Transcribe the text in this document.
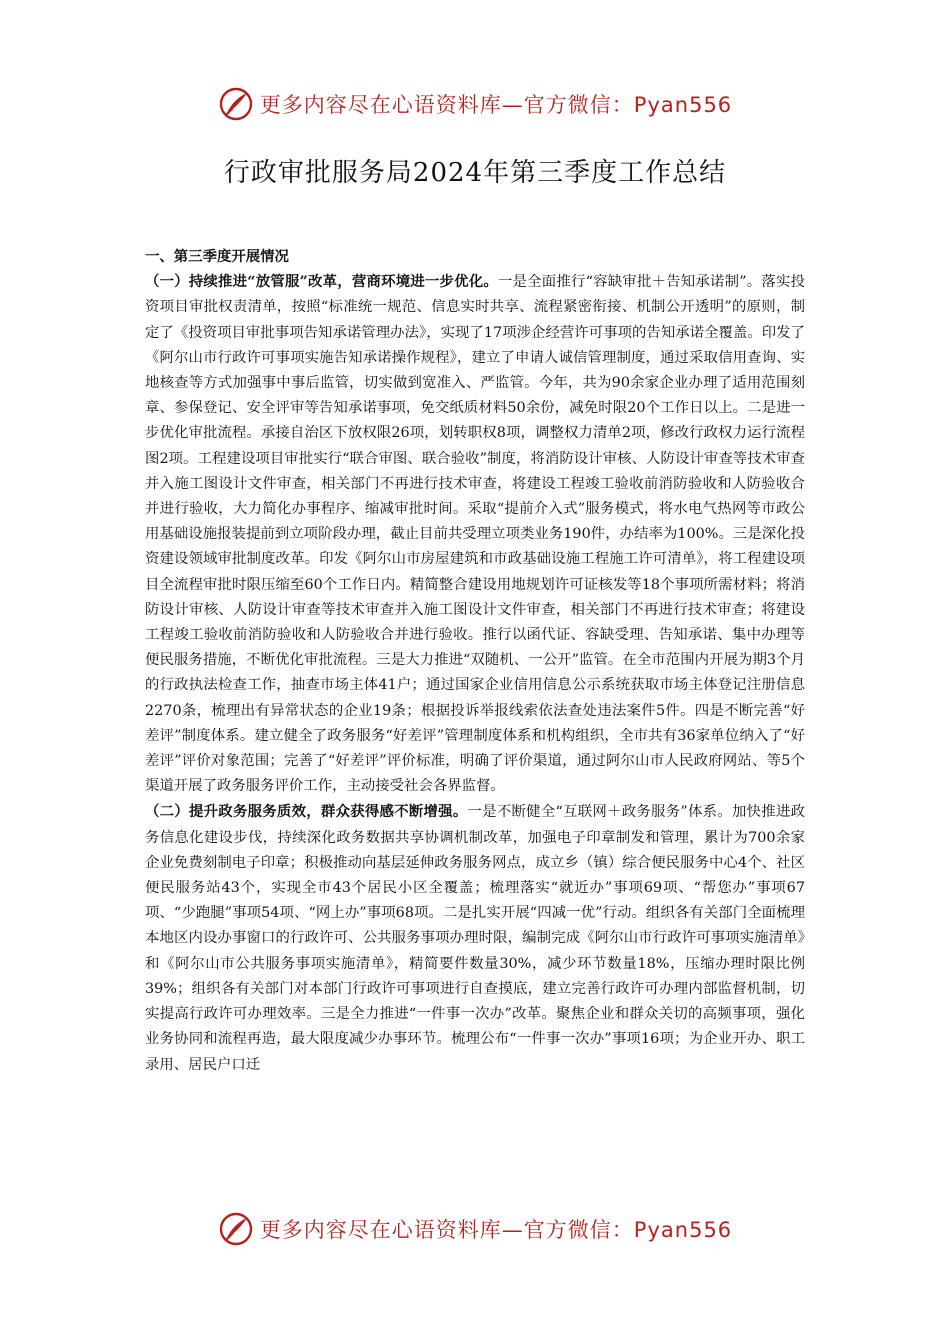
更多内容尽在心语资料库—官方微信：Pyan556
行政审批服务局2024年第三季度工作总结

一、第三季度开展情况

（一）持续推进“放管服”改革，营商环境进一步优化。一是全面推行“容缺审批＋告知承诺制”。落实投资项目审批权责清单，按照“标准统一规范、信息实时共享、流程紧密衔接、机制公开透明”的原则，制定了《投资项目审批事项告知承诺管理办法》，实现了17项涉企经营许可事项的告知承诺全覆盖。印发了《阿尔山市行政许可事项实施告知承诺操作规程》，建立了申请人诚信管理制度，通过采取信用查询、实地核查等方式加强事中事后监管，切实做到宽准入、严监管。今年，共为90余家企业办理了适用范围刻章、参保登记、安全评审等告知承诺事项，免交纸质材料50余份，减免时限20个工作日以上。二是进一步优化审批流程。承接自治区下放权限26项，划转职权8项，调整权力清单2项，修改行政权力运行流程图2项。工程建设项目审批实行“联合审图、联合验收”制度，将消防设计审核、人防设计审查等技术审查并入施工图设计文件审查，相关部门不再进行技术审查，将建设工程竣工验收前消防验收和人防验收合并进行验收，大力简化办事程序、缩减审批时间。采取“提前介入式”服务模式，将水电气热网等市政公用基础设施报装提前到立项阶段办理，截止目前共受理立项类业务190件，办结率为100%。三是深化投资建设领域审批制度改革。印发《阿尔山市房屋建筑和市政基础设施工程施工许可清单》，将工程建设项目全流程审批时限压缩至60个工作日内。精简整合建设用地规划许可证核发等18个事项所需材料；将消防设计审核、人防设计审查等技术审查并入施工图设计文件审查，相关部门不再进行技术审查；将建设工程竣工验收前消防验收和人防验收合并进行验收。推行以函代证、容缺受理、告知承诺、集中办理等便民服务措施，不断优化审批流程。三是大力推进“双随机、一公开”监管。在全市范围内开展为期3个月的行政执法检查工作，抽查市场主体41户；通过国家企业信用信息公示系统获取市场主体登记注册信息2270条，梳理出有异常状态的企业19条；根据投诉举报线索依法查处违法案件5件。四是不断完善“好差评”制度体系。建立健全了政务服务“好差评”管理制度体系和机构组织，全市共有36家单位纳入了“好差评”评价对象范围；完善了“好差评”评价标准，明确了评价渠道，通过阿尔山市人民政府网站、等5个渠道开展了政务服务评价工作，主动接受社会各界监督。

（二）提升政务服务质效，群众获得感不断增强。一是不断健全“互联网＋政务服务”体系。加快推进政务信息化建设步伐，持续深化政务数据共享协调机制改革，加强电子印章制发和管理，累计为700余家企业免费刻制电子印章；积极推动向基层延伸政务服务网点，成立乡（镇）综合便民服务中心4个、社区便民服务站43个，实现全市43个居民小区全覆盖；梳理落实“就近办”事项69项、“帮您办”事项67项、“少跑腿”事项54项、“网上办”事项68项。二是扎实开展“四减一优”行动。组织各有关部门全面梳理本地区内设办事窗口的行政许可、公共服务事项办理时限，编制完成《阿尔山市行政许可事项实施清单》和《阿尔山市公共服务事项实施清单》，精简要件数量30%，减少环节数量18%，压缩办理时限比例39%；组织各有关部门对本部门行政许可事项进行自查摸底，建立完善行政许可办理内部监督机制，切实提高行政许可办理效率。三是全力推进“一件事一次办”改革。聚焦企业和群众关切的高频事项，强化业务协同和流程再造，最大限度减少办事环节。梳理公布“一件事一次办”事项16项；为企业开办、职工录用、居民户口迁

更多内容尽在心语资料库—官方微信：Pyan556
